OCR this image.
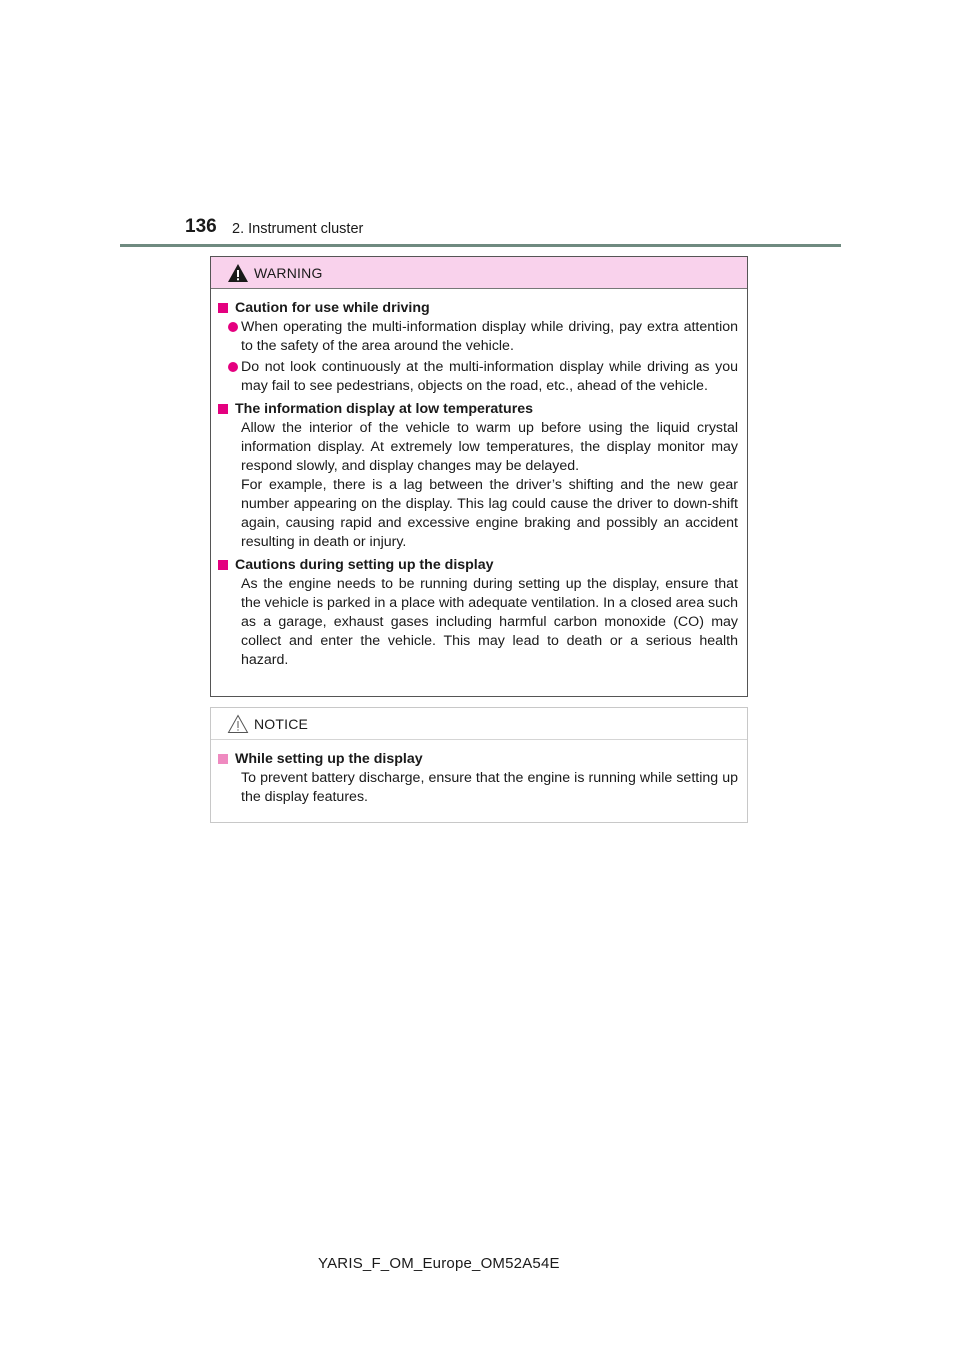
136 2. Instrument cluster
WARNING
Caution for use while driving
When operating the multi-information display while driving, pay extra attention to the safety of the area around the vehicle.
Do not look continuously at the multi-information display while driving as you may fail to see pedestrians, objects on the road, etc., ahead of the vehicle.
The information display at low temperatures
Allow the interior of the vehicle to warm up before using the liquid crystal information display. At extremely low temperatures, the display monitor may respond slowly, and display changes may be delayed.
For example, there is a lag between the driver’s shifting and the new gear number appearing on the display. This lag could cause the driver to down-shift again, causing rapid and excessive engine braking and possibly an accident resulting in death or injury.
Cautions during setting up the display
As the engine needs to be running during setting up the display, ensure that the vehicle is parked in a place with adequate ventilation. In a closed area such as a garage, exhaust gases including harmful carbon monoxide (CO) may collect and enter the vehicle. This may lead to death or a serious health hazard.
NOTICE
While setting up the display
To prevent battery discharge, ensure that the engine is running while setting up the display features.
YARIS_F_OM_Europe_OM52A54E
